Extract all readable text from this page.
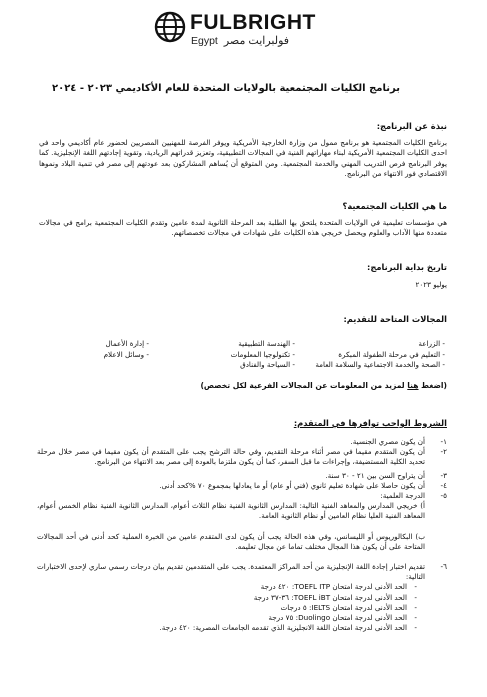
FULBRIGHT
Egypt فولبرايت مصر
برنامج الكليات المجتمعية بالولايات المتحدة للعام الأكاديمي ٢٠٢٣ - ٢٠٢٤
نبذة عن البرنامج:
برنامج الكليات المجتمعية هو برنامج ممول من وزارة الخارجية الأمريكية ويوفر الفرصة للمهنيين المصريين لحضور عام أكاديمي واحد في احدى الكليات المجتمعية الأمريكية لبناء مهاراتهم الفنية في المجالات التطبيقية، وتعزيز قدراتهم الريادية، وتقوية إجادتهم اللغة الإنجليزية. كما يوفر البرنامج فرص التدريب المهني والخدمة المجتمعية. ومن المتوقع أن يُساهم المشاركون بعد عودتهم إلى مصر في تنمية البلاد ونموها الاقتصادي فور الانتهاء من البرنامج.
ما هي الكليات المجتمعية؟
هي مؤسسات تعليمية في الولايات المتحدة يلتحق بها الطلبة بعد المرحلة الثانوية لمدة عامين وتقدم الكليات المجتمعية برامج في مجالات متعددة منها الآداب والعلوم ويحصل خريجي هذه الكليات على شهادات في مجالات تخصصاتهم.
تاريخ بداية البرنامج:
يوليو ٢٠٢٣
المجالات المتاحة للتقديم:
- الزراعة
- التعليم في مرحلة الطفولة المبكرة
- الصحة والخدمة الاجتماعية والسلامة العامة
- الهندسة التطبيقية
- تكنولوجيا المعلومات
- السياحة والفنادق
- إدارة الأعمال
- وسائل الاعلام
(اضغط هنا لمزيد من المعلومات عن المجالات الفرعية لكل تخصص)
الشروط الواجب توافرها في المتقدم:
١-
أن يكون مصري الجنسية.
٢-
أن يكون المتقدم مقيما في مصر أثناء مرحلة التقديم، وفي حالة الترشح يجب على المتقدم أن يكون مقيما في مصر خلال مرحلة تحديد الكلية المستضيفة، وإجراءات ما قبل السفر، كما أن يكون ملتزما بالعودة إلى مصر بعد الانتهاء من البرنامج.
٣-
أن يتراوح السن بين ٢١ - ٣٠ سنة.
٤-
أن يكون حاصلا على شهادة تعليم ثانوي (فني أو عام) أو ما يعادلها بمجموع ٧٠ %كحد أدنى.
٥-
الدرجة العلمية:
أ) خريجي المدارس والمعاهد الفنية التالية: المدارس الثانوية الفنية نظام الثلاث أعوام، المدارس الثانوية الفنية نظام الخمس أعوام، المعاهد الفنية العليا نظام العامين أو نظام الثانوية العامة.
ب) البكالوريوس أو الليسانس، وفي هذه الحالة يجب أن يكون لدى المتقدم عامين من الخبرة العملية كحد أدنى في أحد المجالات المتاحة على أن يكون هذا المجال مختلف تماما عن مجال تعليمه.
٦-
تقديم اختبار إجادة اللغة الإنجليزية من أحد المراكز المعتمدة. يجب على المتقدمين تقديم بيان درجات رسمي ساري لإحدى الاختبارات التالية:
- الحد الأدنى لدرجة امتحان TOEFL ITP: ٤٢٠ درجة
- الحد الأدنى لدرجة امتحان TOEFL iBT: ٣٦-٣٧ درجة
- الحد الأدنى لدرجة امتحان IELTS: ٥ درجات
- الحد الأدنى لدرجة امتحان Duolingo: ٧٥ درجة
- الحد الأدنى لدرجة امتحان اللغة الانجليزية الذي تقدمه الجامعات المصرية: ٤٢٠ درجة.
